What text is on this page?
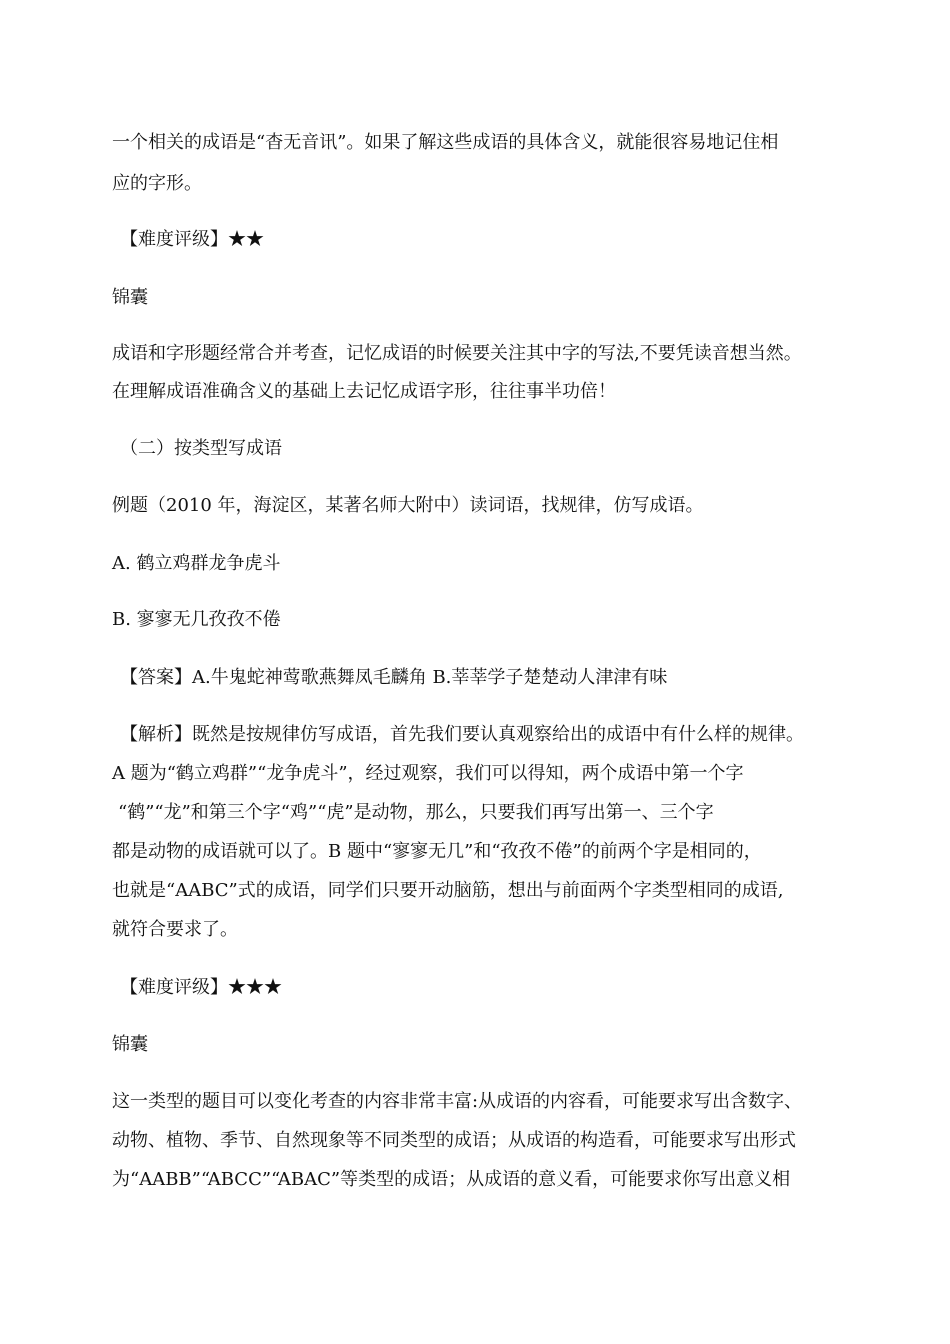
一个相关的成语是“杳无音讯”。如果了解这些成语的具体含义，就能很容易地记住相
应的字形。
【难度评级】★★
锦囊
成语和字形题经常合并考查，记忆成语的时候要关注其中字的写法,不要凭读音想当然。
在理解成语准确含义的基础上去记忆成语字形，往往事半功倍！
（二）按类型写成语
例题（2010 年，海淀区，某著名师大附中）读词语，找规律，仿写成语。
A. 鹤立鸡群龙争虎斗
B. 寥寥无几孜孜不倦
【答案】A.牛鬼蛇神莺歌燕舞凤毛麟角 B.莘莘学子楚楚动人津津有味
【解析】既然是按规律仿写成语，首先我们要认真观察给出的成语中有什么样的规律。
A 题为“鹤立鸡群”“龙争虎斗”，经过观察，我们可以得知，两个成语中第一个字
“鹤”“龙”和第三个字“鸡”“虎”是动物，那么，只要我们再写出第一、三个字
都是动物的成语就可以了。B 题中“寥寥无几”和“孜孜不倦”的前两个字是相同的，
也就是“AABC”式的成语，同学们只要开动脑筋，想出与前面两个字类型相同的成语,
就符合要求了。
【难度评级】★★★
锦囊
这一类型的题目可以变化考查的内容非常丰富:从成语的内容看，可能要求写出含数字、
动物、植物、季节、自然现象等不同类型的成语；从成语的构造看，可能要求写出形式
为“AABB”“ABCC”“ABAC”等类型的成语；从成语的意义看，可能要求你写出意义相
